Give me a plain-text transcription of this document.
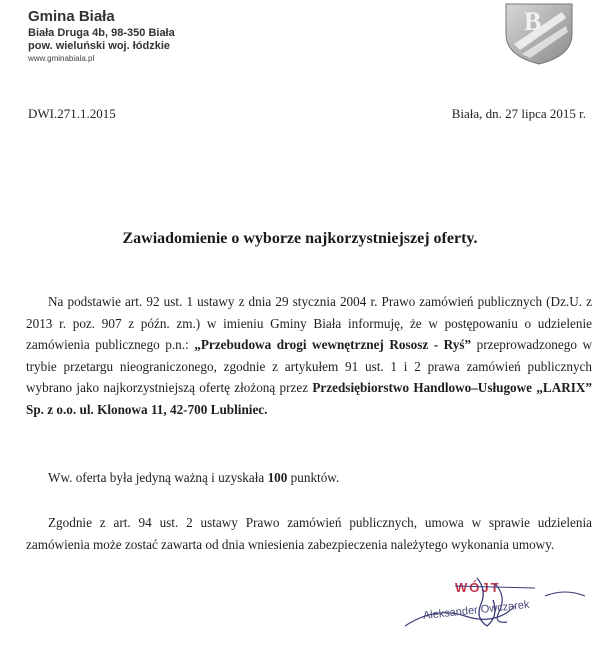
Gmina Biała
Biała Druga 4b, 98-350 Biała
pow. wieluński woj. łódzkie
www.gminabiala.pl
B
DWI.271.1.2015	Biała, dn. 27 lipca 2015 r.
Zawiadomienie o wyborze najkorzystniejszej oferty.
Na podstawie art. 92 ust. 1 ustawy z dnia 29 stycznia 2004 r. Prawo zamówień publicznych (Dz.U. z 2013 r. poz. 907 z późn. zm.) w imieniu Gminy Biała informuję, że w postępowaniu o udzielenie zamówienia publicznego p.n.: „Przebudowa drogi wewnętrznej Rososz - Ryś” przeprowadzonego w trybie przetargu nieograniczonego, zgodnie z artykułem 91 ust. 1 i 2 prawa zamówień publicznych wybrano jako najkorzystniejszą ofertę złożoną przez Przedsiębiorstwo Handlowo–Usługowe „LARIX” Sp. z o.o. ul. Klonowa 11, 42-700 Lubliniec.
Ww. oferta była jedyną ważną i uzyskała 100 punktów.
Zgodnie z art. 94 ust. 2 ustawy Prawo zamówień publicznych, umowa w sprawie udzielenia zamówienia może zostać zawarta od dnia wniesienia zabezpieczenia należytego wykonania umowy.
WÓJT
Aleksander Owczarek
